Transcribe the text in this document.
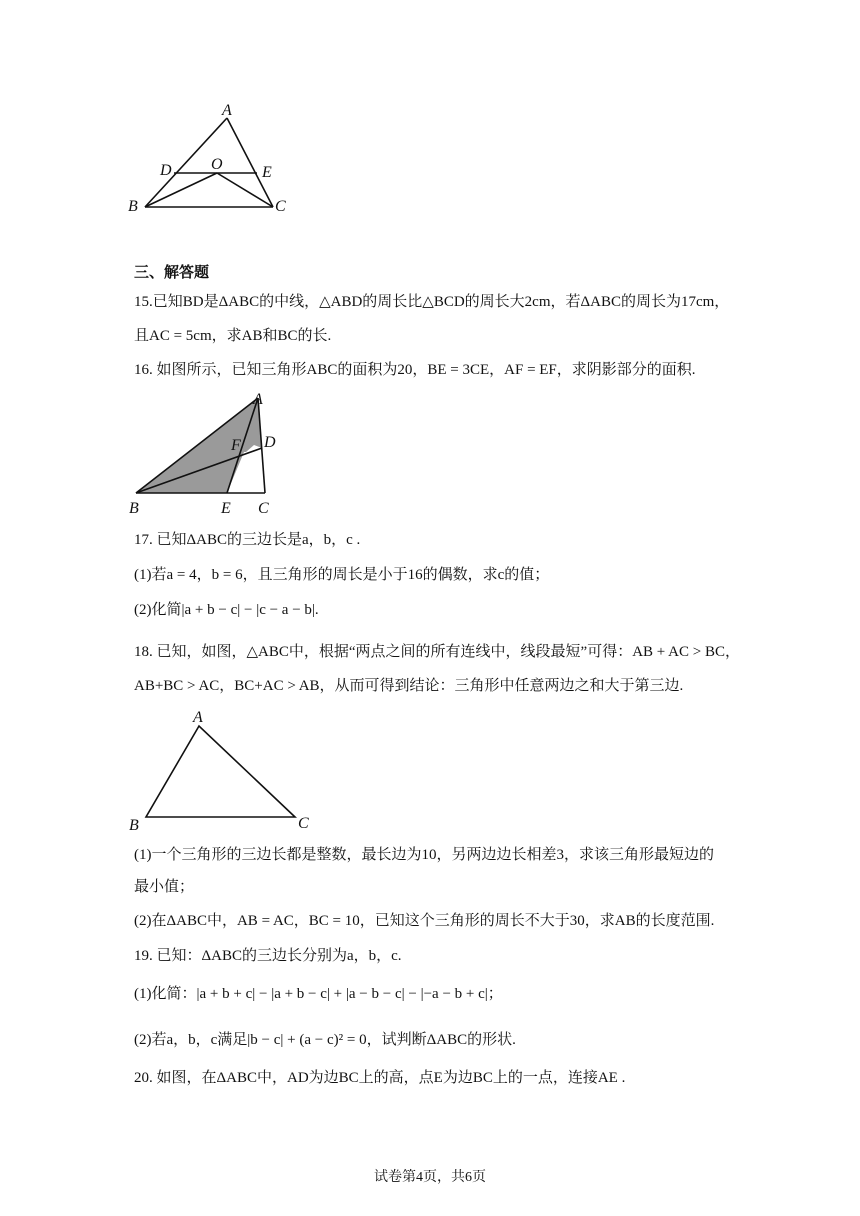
A
D O E
B	C
三、解答题
15.已知BD是ΔABC的中线，△ABD的周长比△BCD的周长大2cm，若ΔABC的周长为17cm，
且AC = 5cm，求AB和BC的长.
16. 如图所示，已知三角形ABC的面积为20，BE = 3CE，AF = EF，求阴影部分的面积.
A
F D
B	E C
17. 已知ΔABC的三边长是a，b，c .
(1)若a = 4，b = 6，且三角形的周长是小于16的偶数，求c的值；
(2)化简|a + b − c| − |c − a − b|.
18. 已知，如图，△ABC中，根据“两点之间的所有连线中，线段最短”可得：AB + AC > BC，
AB+BC > AC，BC+AC > AB，从而可得到结论：三角形中任意两边之和大于第三边.
A
B	C
(1)一个三角形的三边长都是整数，最长边为10，另两边边长相差3，求该三角形最短边的
最小值；
(2)在ΔABC中，AB = AC，BC = 10，已知这个三角形的周长不大于30，求AB的长度范围.
19. 已知：ΔABC的三边长分别为a，b，c.
(1)化简：|a + b + c| − |a + b − c| + |a − b − c| − |−a − b + c|；
(2)若a，b，c满足|b − c| + (a − c)² = 0，试判断ΔABC的形状.
20. 如图，在ΔABC中，AD为边BC上的高，点E为边BC上的一点，连接AE .
试卷第4页，共6页
